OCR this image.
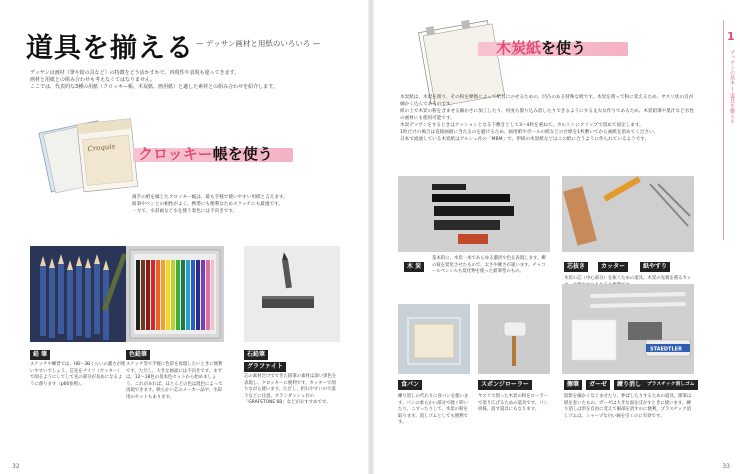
道具を揃える — デッサン画材と用紙のいろいろ —
デッサンは画材（筆や鉛の具など）の特徴をどう活かすかで、再現性や表現も違ってきます。
画材と用紙との組み合わせも考えなくてはなりません。
ここでは、代表的な3種の用紙（クロッキー帳、木炭紙、画用紙）と適した素材との組み合わせを紹介します。
Croquis クロッキー帳を使う
薄手の紙を綴じたクロッキー帳は、最も手軽で使いやすい用紙と言えます。
鉛筆やペンとの相性がよく、携帯にも便利なためスケッチにも最適です。
一方で、水彩画など水を使う着色には不向きです。
鉛 筆
スケッチや練習では、HB〜3Bくらいの濃さが使いやすいでしょう。芯先をナイフ（カッター）で削るようにしてして先の部分が長めになるように削ります（p66参照）。
色鉛筆
スケッチ等で手軽に色彩を再現したいときに便利です。ただし、大きな画面には不向きです。まずは、12〜18色の基本色セットから始めましょう。これがあれば、ほとんどの色は混色によって再現できます。軟らかい芯のメーカー品や、水彩用のセットもあります。
石鉛筆
グラファイト
芯の素材だけでできた鉛筆の素材は深い黒色を表現し、クロッキーに便利です。カッターで削りながら使います。ただし、折れやすいので落下などに注意。カランダッシュ社の「GRAFSTONE 6B」などがおすすめです。
32
木炭紙を使う
木炭紙は、木炭を削り、その粉を摩擦によって紙目にのせるための、凹凸のある特殊な紙です。木炭を削って粉に変えるため、ヤスリ状の目が細かく込んであるのです。
紙の上で木炭の粉を含ませる細かさに加工したり、何度も擦り込み消したりできるようにする丈夫な作りであるため、木炭鉛筆や墨汁など水性の画材にも使用可能です。
木炭デッサンをするときはクッションとなる下敷きとして3〜4枚を重ねて、カルトンにクリップで留めて固定します。
1枚だけの場合は直接画板に当たるのを避けるため、画用紙やボールの紙などの台紙を1枚敷いてから画紙を留めてください。
日本で流通している木炭紙はアルシュ社の「MBM」で、伊研の木炭紙などはこの紙に合うように作られているようです。
木 炭
基本的に、木炭一本であらゆる濃淡や色を表現します。柳の枝を炭化させたもので、太さや硬さが違います。チャコールペンシルも炭化物を使った鉛筆型のもの。
芯抜き	カッター	紙やすり
木炭の芯（中心部分）を抜くための道具。木炭の先端を削るカッ
食パン
練り消しの代わりに食パンを使います。パンの柔らかい部分で軽く叩いたり、こすったりして、木炭の粉を取ります。消しゴムとしても便利です。
スポンジローラー
ヤスリで削った木炭の粉をローラーで塗り広げるための道具です。パン同様、消す道具にもなります。
STAEDTLER
擦筆	ガーゼ	練り消し	プラスチック消しゴム
陰影を細かくなじませたり、伸ばしたりするための道具。擦筆は紙を巻いたもの、ガーゼは大きな面をぼかすときに使います。練り消しは形を自由に変えて細部を消すのに便利。プラスチック消しゴムは、シャープな白い線を引くのに有効です。
1
デッサンの基本 ― 道具を揃える
33
